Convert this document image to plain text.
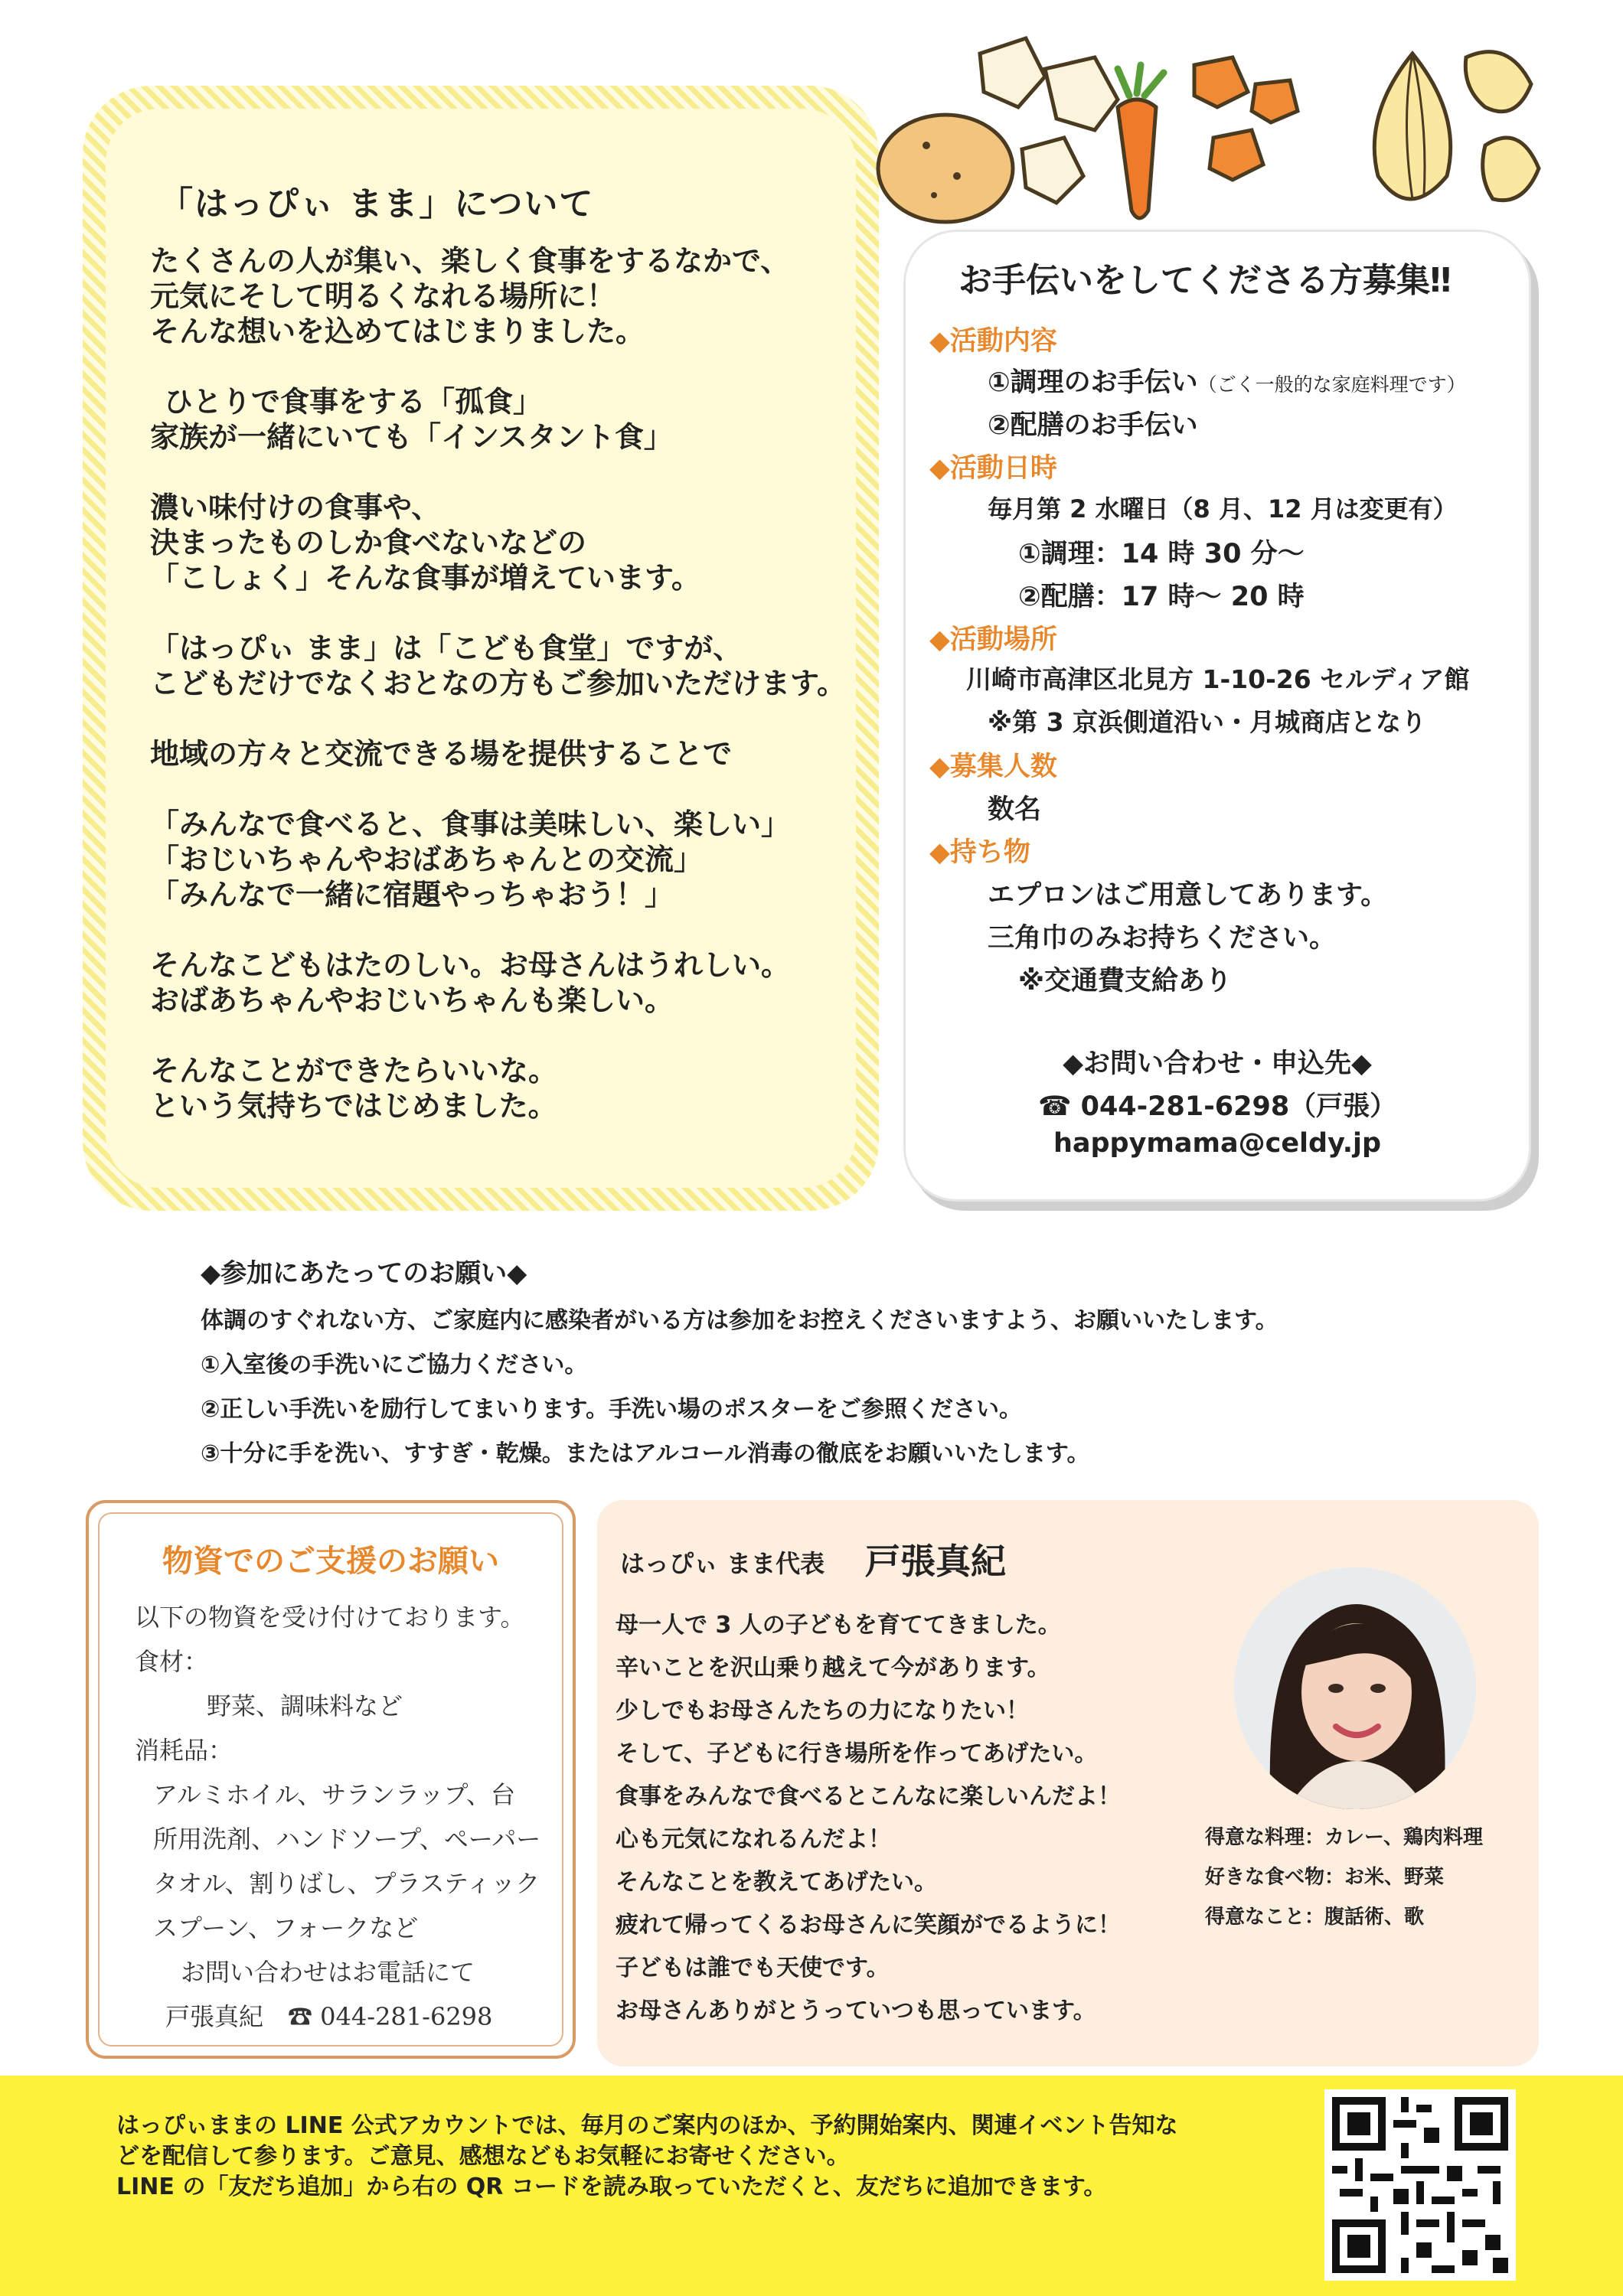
「はっぴぃ まま」について
たくさんの人が集い、楽しく食事をするなかで、
元気にそして明るくなれる場所に！
そんな想いを込めてはじまりました。
ひとりで食事をする「孤食」
家族が一緒にいても「インスタント食」
濃い味付けの食事や、
決まったものしか食べないなどの
「こしょく」そんな食事が増えています。
「はっぴぃ まま」は「こども食堂」ですが、
こどもだけでなくおとなの方もご参加いただけます。
地域の方々と交流できる場を提供することで
「みんなで食べると、食事は美味しい、楽しい」
「おじいちゃんやおばあちゃんとの交流」
「みんなで一緒に宿題やっちゃおう！」
そんなこどもはたのしい。お母さんはうれしい。
おばあちゃんやおじいちゃんも楽しい。
そんなことができたらいいな。
という気持ちではじめました。
お手伝いをしてくださる方募集‼
◆活動内容
①調理のお手伝い（ごく一般的な家庭料理です）
②配膳のお手伝い
◆活動日時
毎月第 2 水曜日（8 月、12 月は変更有）
①調理：14 時 30 分〜
②配膳：17 時〜 20 時
◆活動場所
川崎市高津区北見方 1-10-26 セルディア館
※第 3 京浜側道沿い・月城商店となり
◆募集人数
数名
◆持ち物
エプロンはご用意してあります。
三角巾のみお持ちください。
※交通費支給あり
◆お問い合わせ・申込先◆
☎ 044-281-6298（戸張）
happymama@celdy.jp
◆参加にあたってのお願い◆
体調のすぐれない方、ご家庭内に感染者がいる方は参加をお控えくださいますよう、お願いいたします。
①入室後の手洗いにご協力ください。
②正しい手洗いを励行してまいります。手洗い場のポスターをご参照ください。
③十分に手を洗い、すすぎ・乾燥。またはアルコール消毒の徹底をお願いいたします。
物資でのご支援のお願い
以下の物資を受け付けております。
食材：
野菜、調味料など
消耗品：
アルミホイル、サランラップ、台
所用洗剤、ハンドソープ、ペーパー
タオル、割りばし、プラスティック
スプーン、フォークなど
お問い合わせはお電話にて
戸張真紀　☎ 044-281-6298
はっぴぃ まま代表 戸張真紀
母一人で 3 人の子どもを育ててきました。
辛いことを沢山乗り越えて今があります。
少しでもお母さんたちの力になりたい！
そして、子どもに行き場所を作ってあげたい。
食事をみんなで食べるとこんなに楽しいんだよ！
心も元気になれるんだよ！
そんなことを教えてあげたい。
疲れて帰ってくるお母さんに笑顔がでるように！
子どもは誰でも天使です。
お母さんありがとうっていつも思っています。
得意な料理：カレー、鶏肉料理
好きな食べ物：お米、野菜
得意なこと：腹話術、歌
はっぴぃままの LINE 公式アカウントでは、毎月のご案内のほか、予約開始案内、関連イベント告知な
どを配信して参ります。ご意見、感想などもお気軽にお寄せください。
LINE の「友だち追加」から右の QR コードを読み取っていただくと、友だちに追加できます。
